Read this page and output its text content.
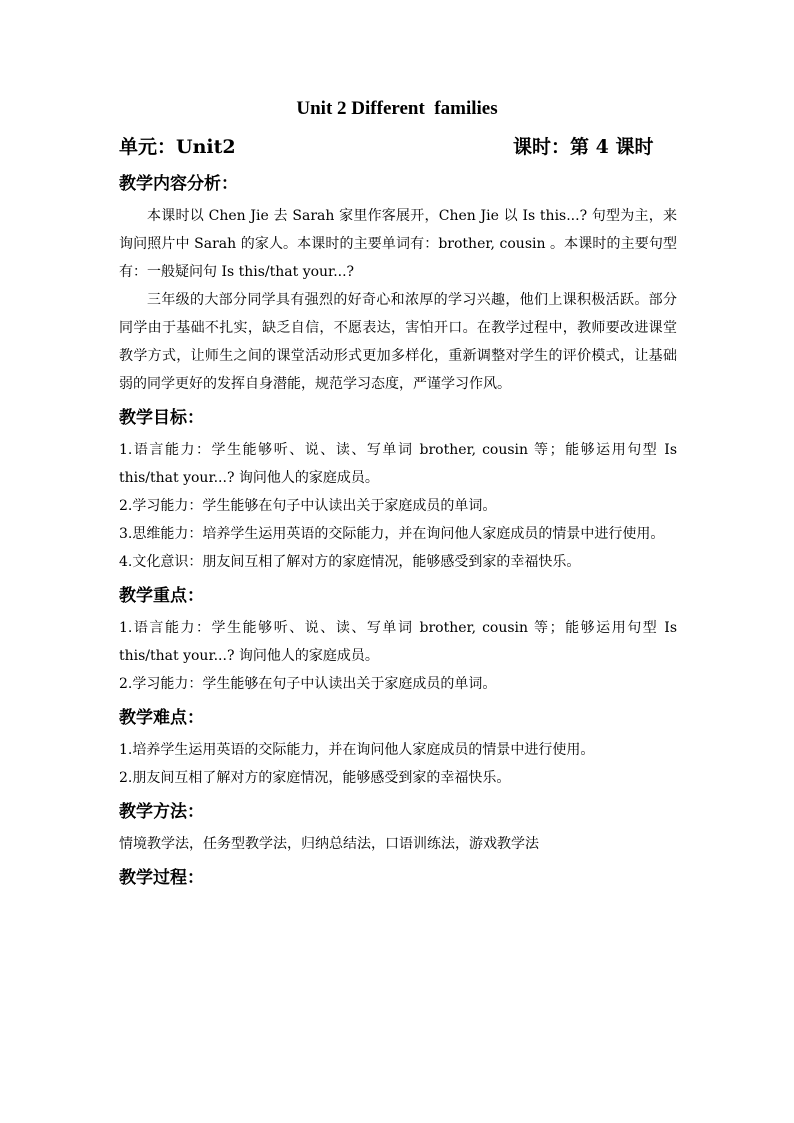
Unit 2 Different  families
单元：Unit2	课时：第 4 课时
教学内容分析：

本课时以 Chen Jie 去 Sarah 家里作客展开，Chen Jie 以 Is this...? 句型为主，来询问照片中 Sarah 的家人。本课时的主要单词有：brother, cousin 。本课时的主要句型有：一般疑问句 Is this/that your...?

三年级的大部分同学具有强烈的好奇心和浓厚的学习兴趣，他们上课积极活跃。部分同学由于基础不扎实，缺乏自信，不愿表达，害怕开口。在教学过程中，教师要改进课堂教学方式，让师生之间的课堂活动形式更加多样化，重新调整对学生的评价模式，让基础弱的同学更好的发挥自身潜能，规范学习态度，严谨学习作风。

教学目标：

1.语言能力：学生能够听、说、读、写单词 brother, cousin 等；能够运用句型 Is this/that your...? 询问他人的家庭成员。

2.学习能力：学生能够在句子中认读出关于家庭成员的单词。

3.思维能力：培养学生运用英语的交际能力，并在询问他人家庭成员的情景中进行使用。

4.文化意识：朋友间互相了解对方的家庭情况，能够感受到家的幸福快乐。

教学重点：

1.语言能力：学生能够听、说、读、写单词 brother, cousin 等；能够运用句型 Is this/that your...? 询问他人的家庭成员。

2.学习能力：学生能够在句子中认读出关于家庭成员的单词。

教学难点：

1.培养学生运用英语的交际能力，并在询问他人家庭成员的情景中进行使用。

2.朋友间互相了解对方的家庭情况，能够感受到家的幸福快乐。

教学方法：

情境教学法，任务型教学法，归纳总结法，口语训练法，游戏教学法

教学过程：
